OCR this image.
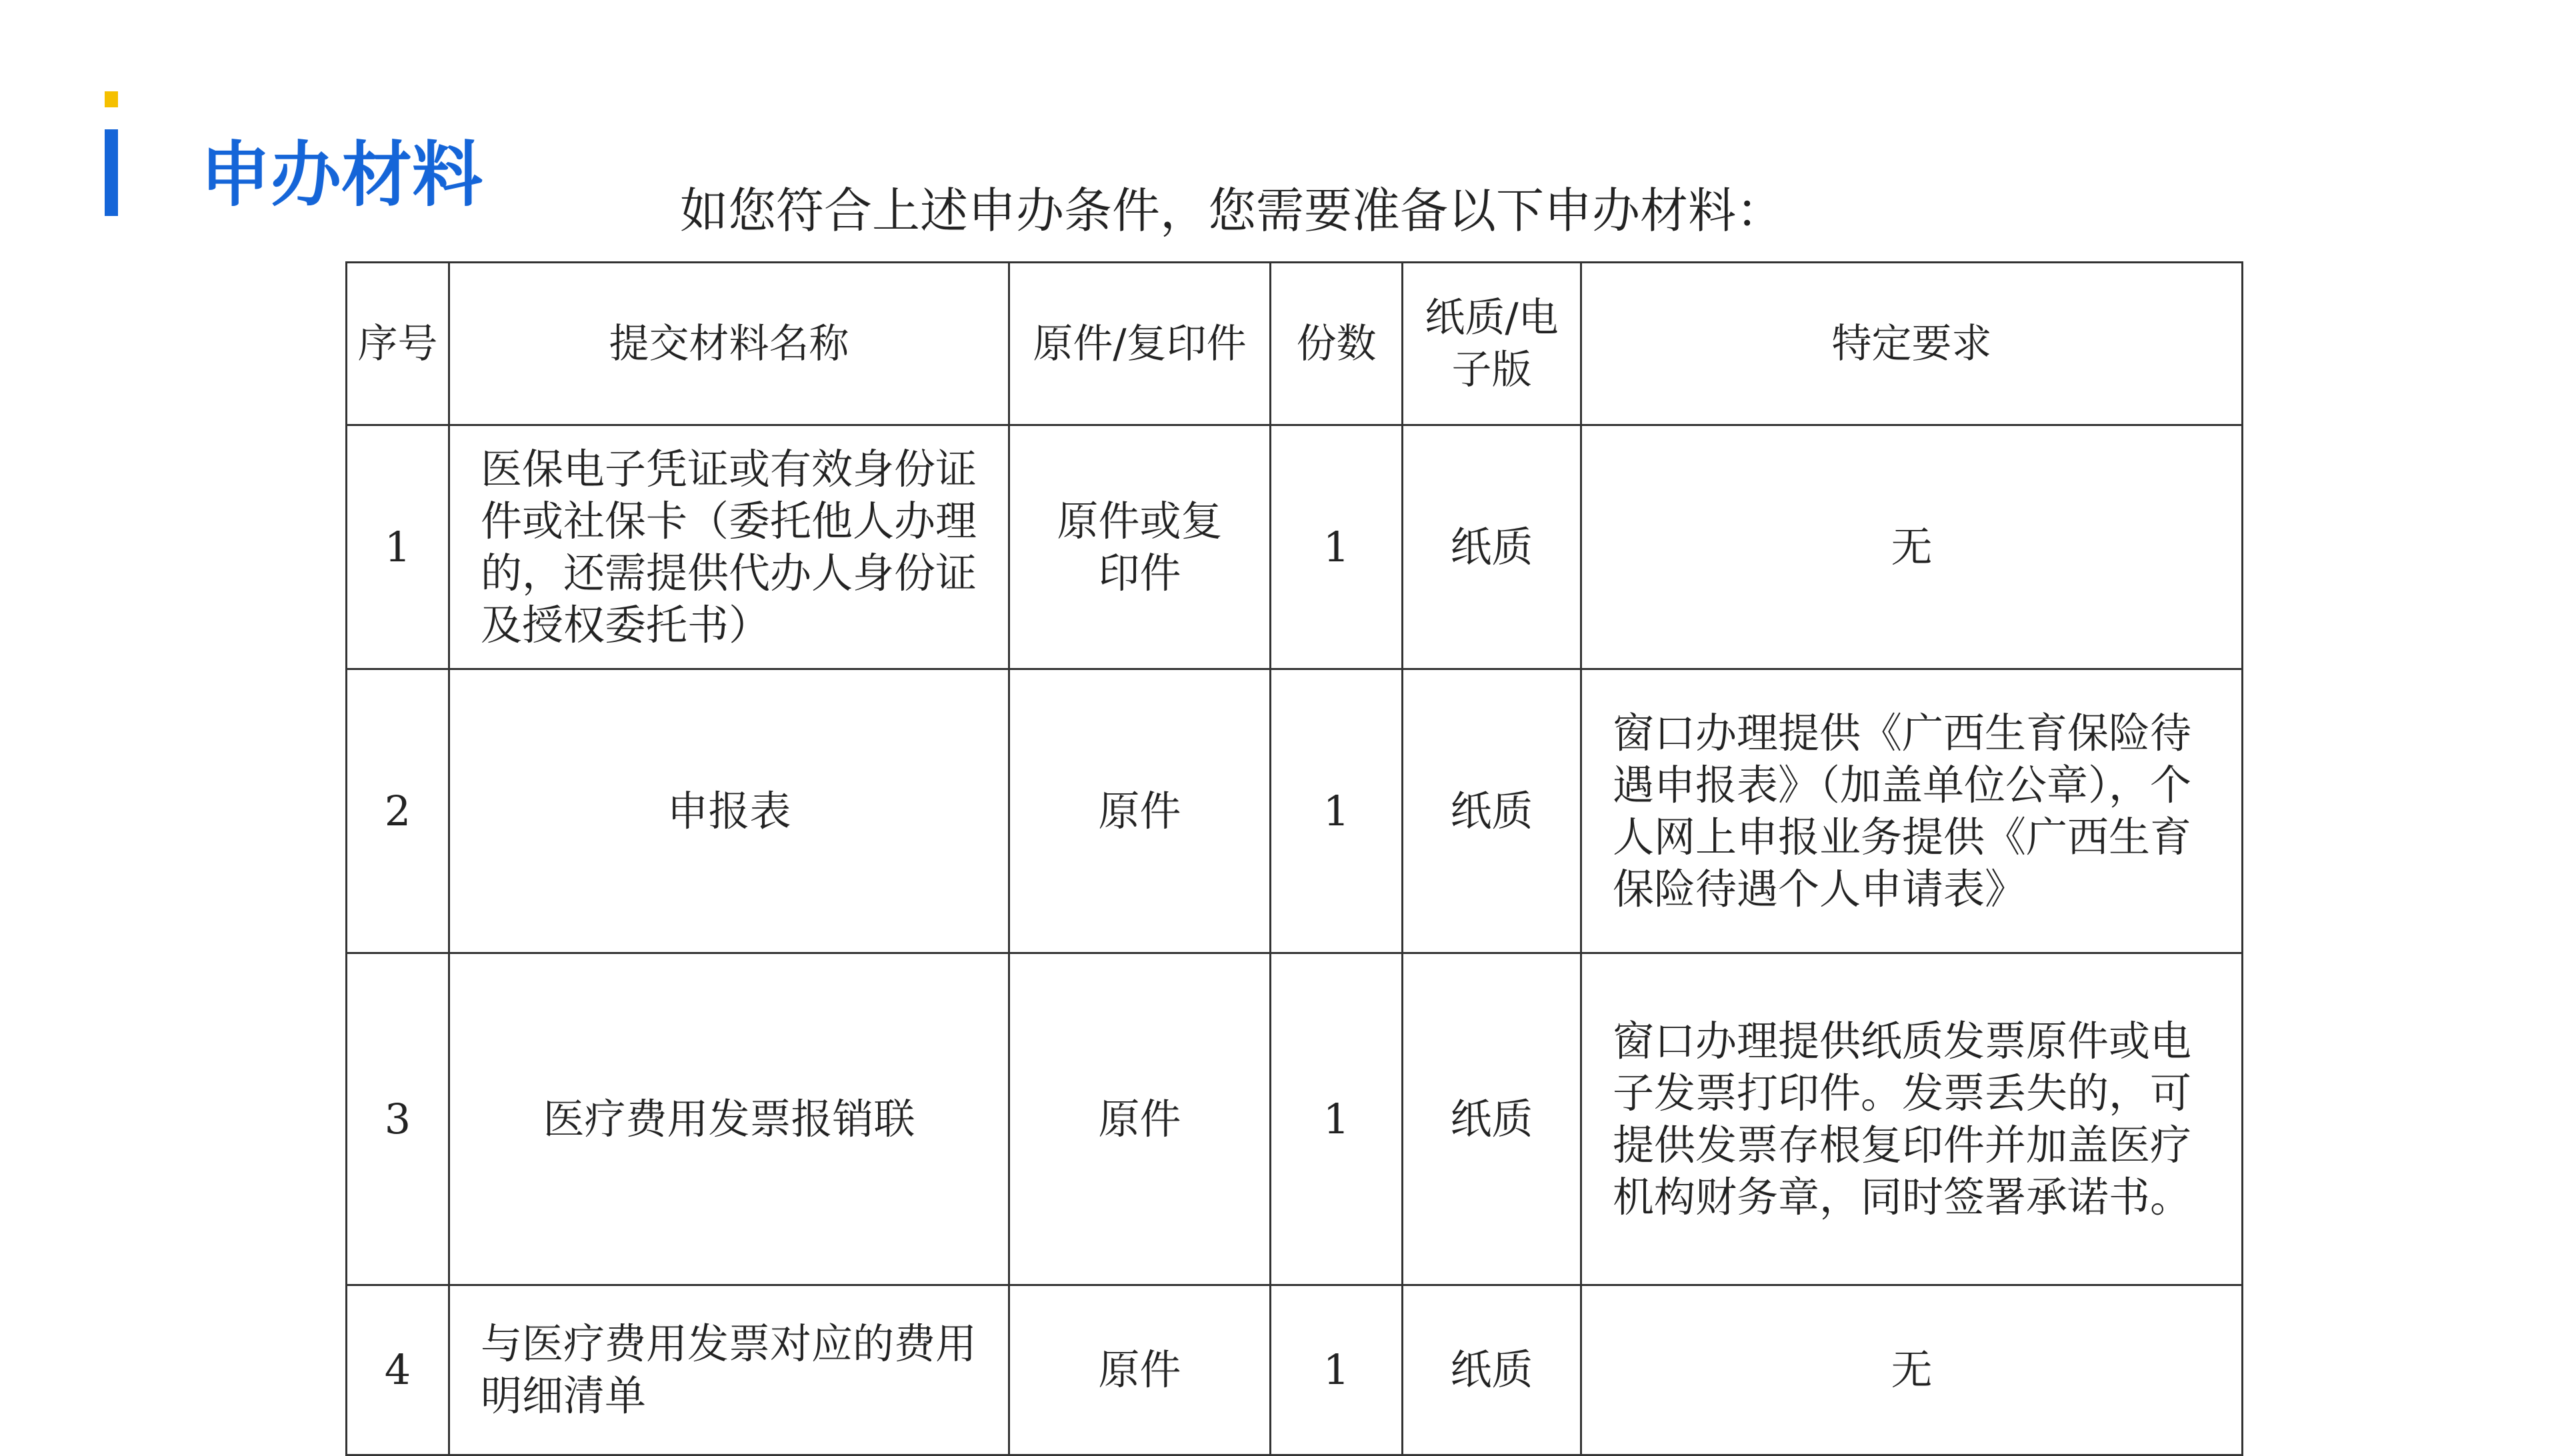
申办材料	如您符合上述申办条件，您需要准备以下申办材料：
序号	提交材料名称	原件/复印件	份数	纸质/电子版	特定要求
1	医保电子凭证或有效身份证件或社保卡（委托他人办理的，还需提供代办人身份证及授权委托书）	原件或复印件	1	纸质	无
2	申报表	原件	1	纸质	窗口办理提供《广西生育保险待遇申报表》（加盖单位公章），个人网上申报业务提供《广西生育保险待遇个人申请表》
3	医疗费用发票报销联	原件	1	纸质	窗口办理提供纸质发票原件或电子发票打印件。发票丢失的，可提供发票存根复印件并加盖医疗机构财务章，同时签署承诺书。
4	与医疗费用发票对应的费用明细清单	原件	1	纸质	无
